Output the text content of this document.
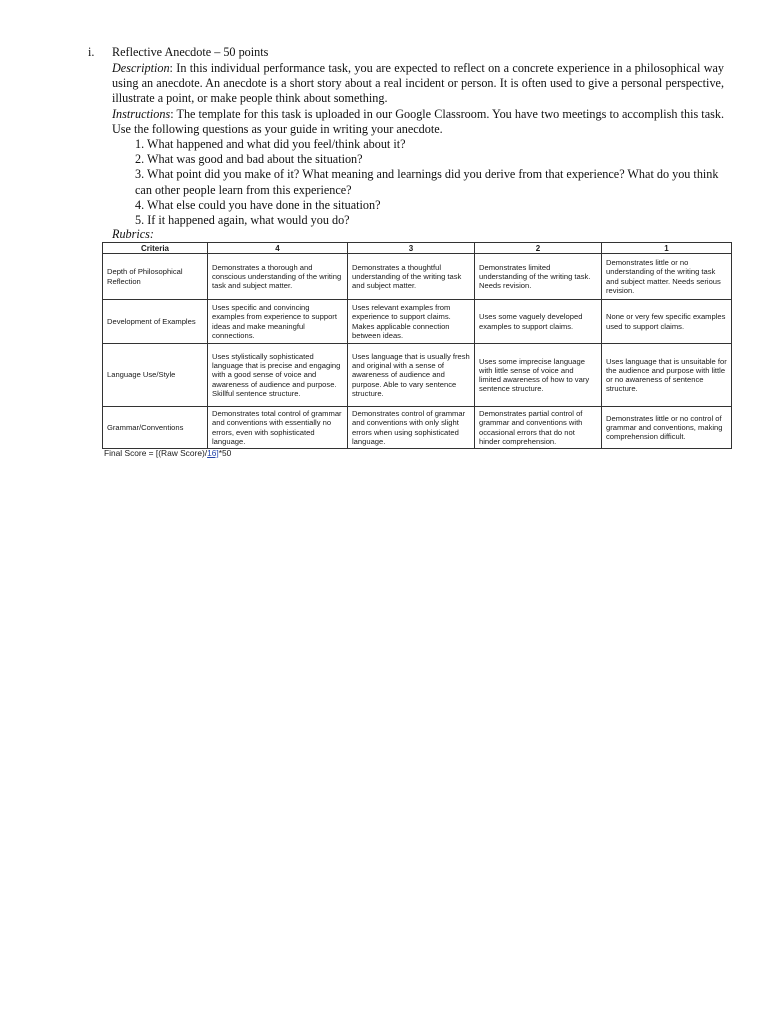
i. Reflective Anecdote – 50 points
Description: In this individual performance task, you are expected to reflect on a concrete experience in a philosophical way using an anecdote. An anecdote is a short story about a real incident or person. It is often used to give a personal perspective, illustrate a point, or make people think about something.
Instructions: The template for this task is uploaded in our Google Classroom. You have two meetings to accomplish this task. Use the following questions as your guide in writing your anecdote.
1. What happened and what did you feel/think about it?
2. What was good and bad about the situation?
3. What point did you make of it? What meaning and learnings did you derive from that experience? What do you think can other people learn from this experience?
4. What else could you have done in the situation?
5. If it happened again, what would you do?
Rubrics:
Criteria	4	3	2	1
Depth of Philosophical Reflection	Demonstrates a thorough and conscious understanding of the writing task and subject matter.	Demonstrates a thoughtful understanding of the writing task and subject matter.	Demonstrates limited understanding of the writing task. Needs revision.	Demonstrates little or no understanding of the writing task and subject matter. Needs serious revision.
Development of Examples	Uses specific and convincing examples from experience to support ideas and make meaningful connections.	Uses relevant examples from experience to support claims. Makes applicable connection between ideas.	Uses some vaguely developed examples to support claims.	None or very few specific examples used to support claims.
Language Use/Style	Uses stylistically sophisticated language that is precise and engaging with a good sense of voice and awareness of audience and purpose. Skillful sentence structure.	Uses language that is usually fresh and original with a sense of awareness of audience and purpose. Able to vary sentence structure.	Uses some imprecise language with little sense of voice and limited awareness of how to vary sentence structure.	Uses language that is unsuitable for the audience and purpose with little or no awareness of sentence structure.
Grammar/Conventions	Demonstrates total control of grammar and conventions with essentially no errors, even with sophisticated language.	Demonstrates control of grammar and conventions with only slight errors when using sophisticated language.	Demonstrates partial control of grammar and conventions with occasional errors that do not hinder comprehension.	Demonstrates little or no control of grammar and conventions, making comprehension difficult.
Final Score = [(Raw Score)/16]*50
